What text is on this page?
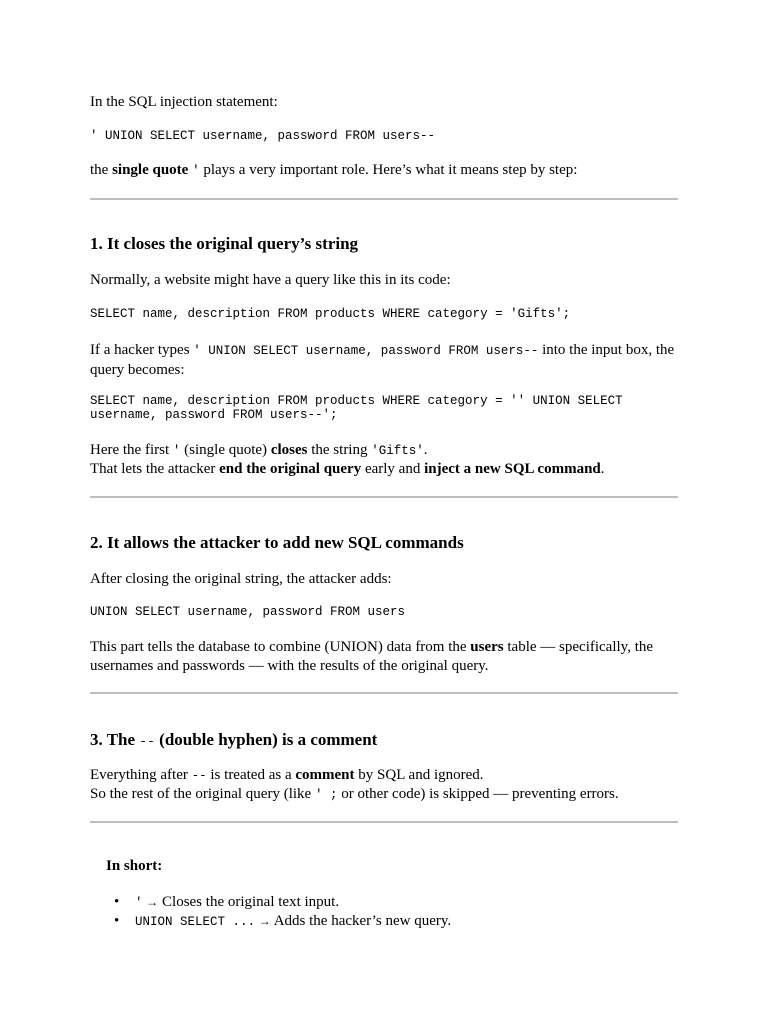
In the SQL injection statement:

' UNION SELECT username, password FROM users--

the single quote ' plays a very important role. Here’s what it means step by step:

1. It closes the original query’s string

Normally, a website might have a query like this in its code:

SELECT name, description FROM products WHERE category = 'Gifts';

If a hacker types ' UNION SELECT username, password FROM users-- into the input box, the query becomes:

SELECT name, description FROM products WHERE category = '' UNION SELECT
username, password FROM users--';

Here the first ' (single quote) closes the string 'Gifts'.

That lets the attacker end the original query early and inject a new SQL command.

2. It allows the attacker to add new SQL commands

After closing the original string, the attacker adds:

UNION SELECT username, password FROM users

This part tells the database to combine (UNION) data from the users table — specifically, the usernames and passwords — with the results of the original query.

3. The -- (double hyphen) is a comment

Everything after -- is treated as a comment by SQL and ignored.

So the rest of the original query (like ' ; or other code) is skipped — preventing errors.

In short:

• ' → Closes the original text input.
• UNION SELECT ... → Adds the hacker’s new query.
